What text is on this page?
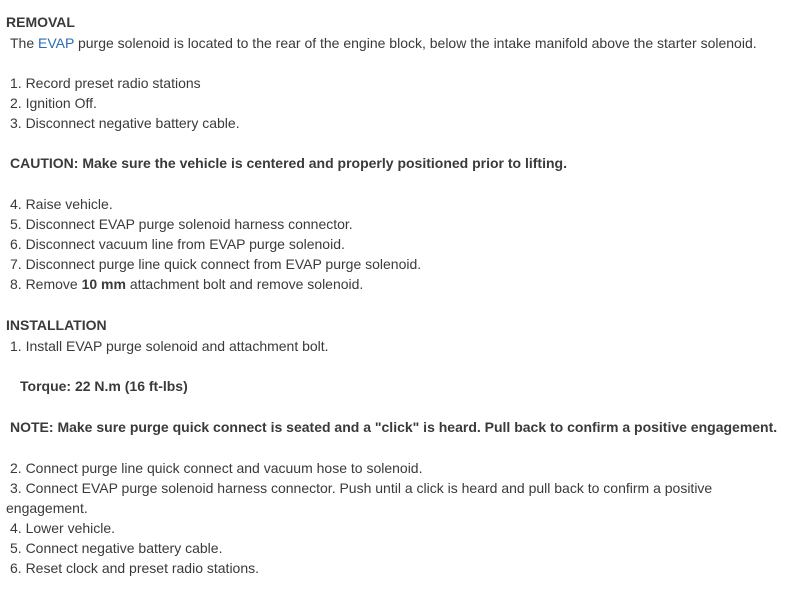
REMOVAL
The EVAP purge solenoid is located to the rear of the engine block, below the intake manifold above the starter solenoid.
1. Record preset radio stations
2. Ignition Off.
3. Disconnect negative battery cable.
CAUTION: Make sure the vehicle is centered and properly positioned prior to lifting.
4. Raise vehicle.
5. Disconnect EVAP purge solenoid harness connector.
6. Disconnect vacuum line from EVAP purge solenoid.
7. Disconnect purge line quick connect from EVAP purge solenoid.
8. Remove 10 mm attachment bolt and remove solenoid.
INSTALLATION
1. Install EVAP purge solenoid and attachment bolt.
Torque: 22 N.m (16 ft-lbs)
NOTE: Make sure purge quick connect is seated and a "click" is heard. Pull back to confirm a positive engagement.
2. Connect purge line quick connect and vacuum hose to solenoid.
3. Connect EVAP purge solenoid harness connector. Push until a click is heard and pull back to confirm a positive
engagement.
4. Lower vehicle.
5. Connect negative battery cable.
6. Reset clock and preset radio stations.
